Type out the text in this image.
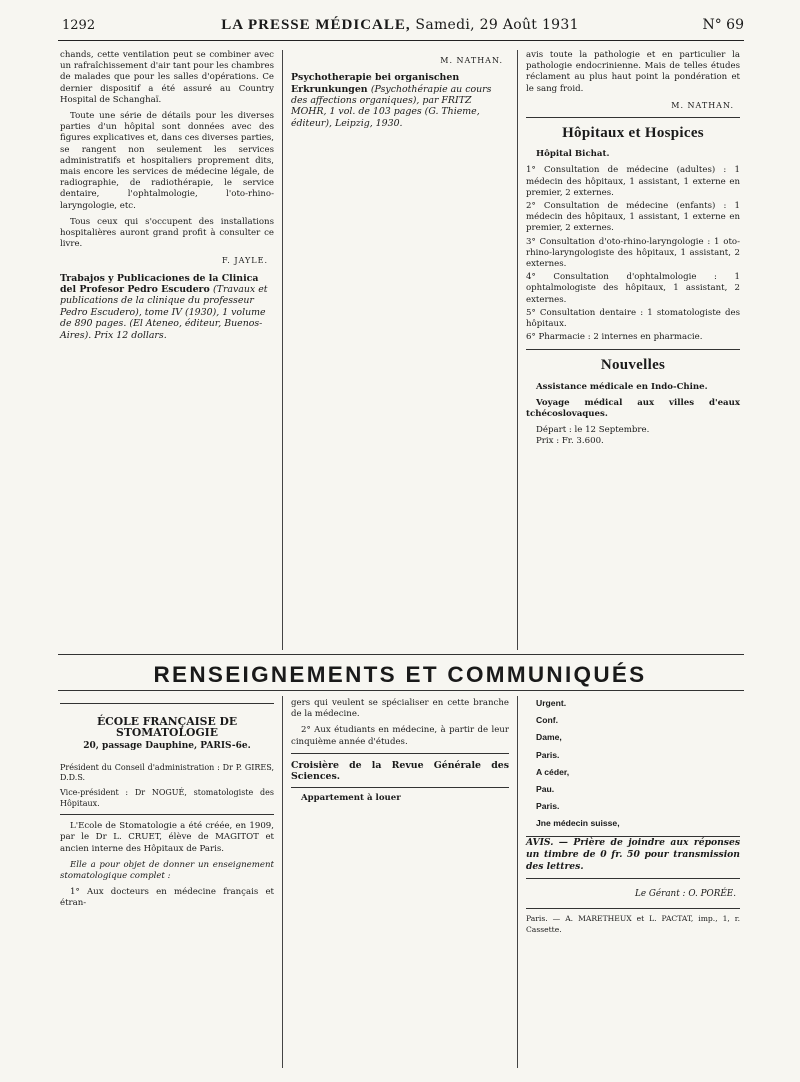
1292	LA PRESSE MÉDICALE, Samedi, 29 Août 1931	N° 69

chands, cette ventilation peut se combiner avec un rafraîchissement d'air tant pour les chambres de malades que pour les salles d'opérations. Ce dernier dispositif a été assuré au Country Hospital de Schanghaï.

Toute une série de détails pour les diverses parties d'un hôpital sont données avec des figures explicatives et, dans ces diverses parties, se rangent non seulement les services administratifs et hospitaliers proprement dits, mais encore les services de médecine légale, de radiographie, de radiothérapie, le service dentaire, l'ophtalmologie, l'oto-rhino-laryngologie, etc.

Tous ceux qui s'occupent des installations hospitalières auront grand profit à consulter ce livre.

F. JAYLE.
Trabajos y Publicaciones de la Clinica del Profesor Pedro Escudero (Travaux et publications de la clinique du professeur Pedro Escudero), tome IV (1930), 1 volume de 890 pages. (El Ateneo, éditeur, Buenos-Aires). Prix 12 dollars.

M. NATHAN.
Psychotherapie bei organischen Erkrunkungen (Psychothérapie au cours des affections organiques), par FRITZ MOHR, 1 vol. de 103 pages (G. Thieme, éditeur), Leipzig, 1930.

avis toute la pathologie et en particulier la pathologie endocrinienne. Mais de telles études réclament au plus haut point la pondération et le sang froid.

M. NATHAN.
Hôpitaux et Hospices

Hôpital Bichat.

1° Consultation de médecine (adultes) : 1 médecin des hôpitaux, 1 assistant, 1 externe en premier, 2 externes.

2° Consultation de médecine (enfants) : 1 médecin des hôpitaux, 1 assistant, 1 externe en premier, 2 externes.

3° Consultation d'oto-rhino-laryngologie : 1 oto-rhino-laryngologiste des hôpitaux, 1 assistant, 2 externes.

4° Consultation d'ophtalmologie : 1 ophtalmologiste des hôpitaux, 1 assistant, 2 externes.

5° Consultation dentaire : 1 stomatologiste des hôpitaux.

6° Pharmacie : 2 internes en pharmacie.

Nouvelles

Assistance médicale en Indo-Chine.

Voyage médical aux villes d'eaux tchécoslovaques.

Départ : le 12 Septembre.

Prix : Fr. 3.600.

RENSEIGNEMENTS ET COMMUNIQUÉS

ÉCOLE FRANÇAISE DE STOMATOLOGIE
20, passage Dauphine, PARIS-6e.

Président du Conseil d'administration : Dr P. GIRES, D.D.S.

Vice-président : Dr NOGUÉ, stomatologiste des Hôpitaux.

L'Ecole de Stomatologie a été créée, en 1909, par le Dr L. CRUET, élève de MAGITOT et ancien interne des Hôpitaux de Paris.

Elle a pour objet de donner un enseignement stomatologique complet :

1° Aux docteurs en médecine français et étran-

gers qui veulent se spécialiser en cette branche de la médecine.

2° Aux étudiants en médecine, à partir de leur cinquième année d'études.

Croisière de la Revue Générale des Sciences.

Appartement à louer

Urgent.

Conf.

Dame,

Paris.

A céder,

Pau.

Paris.

Jne médecin suisse,

AVIS. — Prière de joindre aux réponses un timbre de 0 fr. 50 pour transmission des lettres.

Le Gérant : O. PORÉE.

Paris. — A. MARETHEUX et L. PACTAT, imp., 1, r. Cassette.
